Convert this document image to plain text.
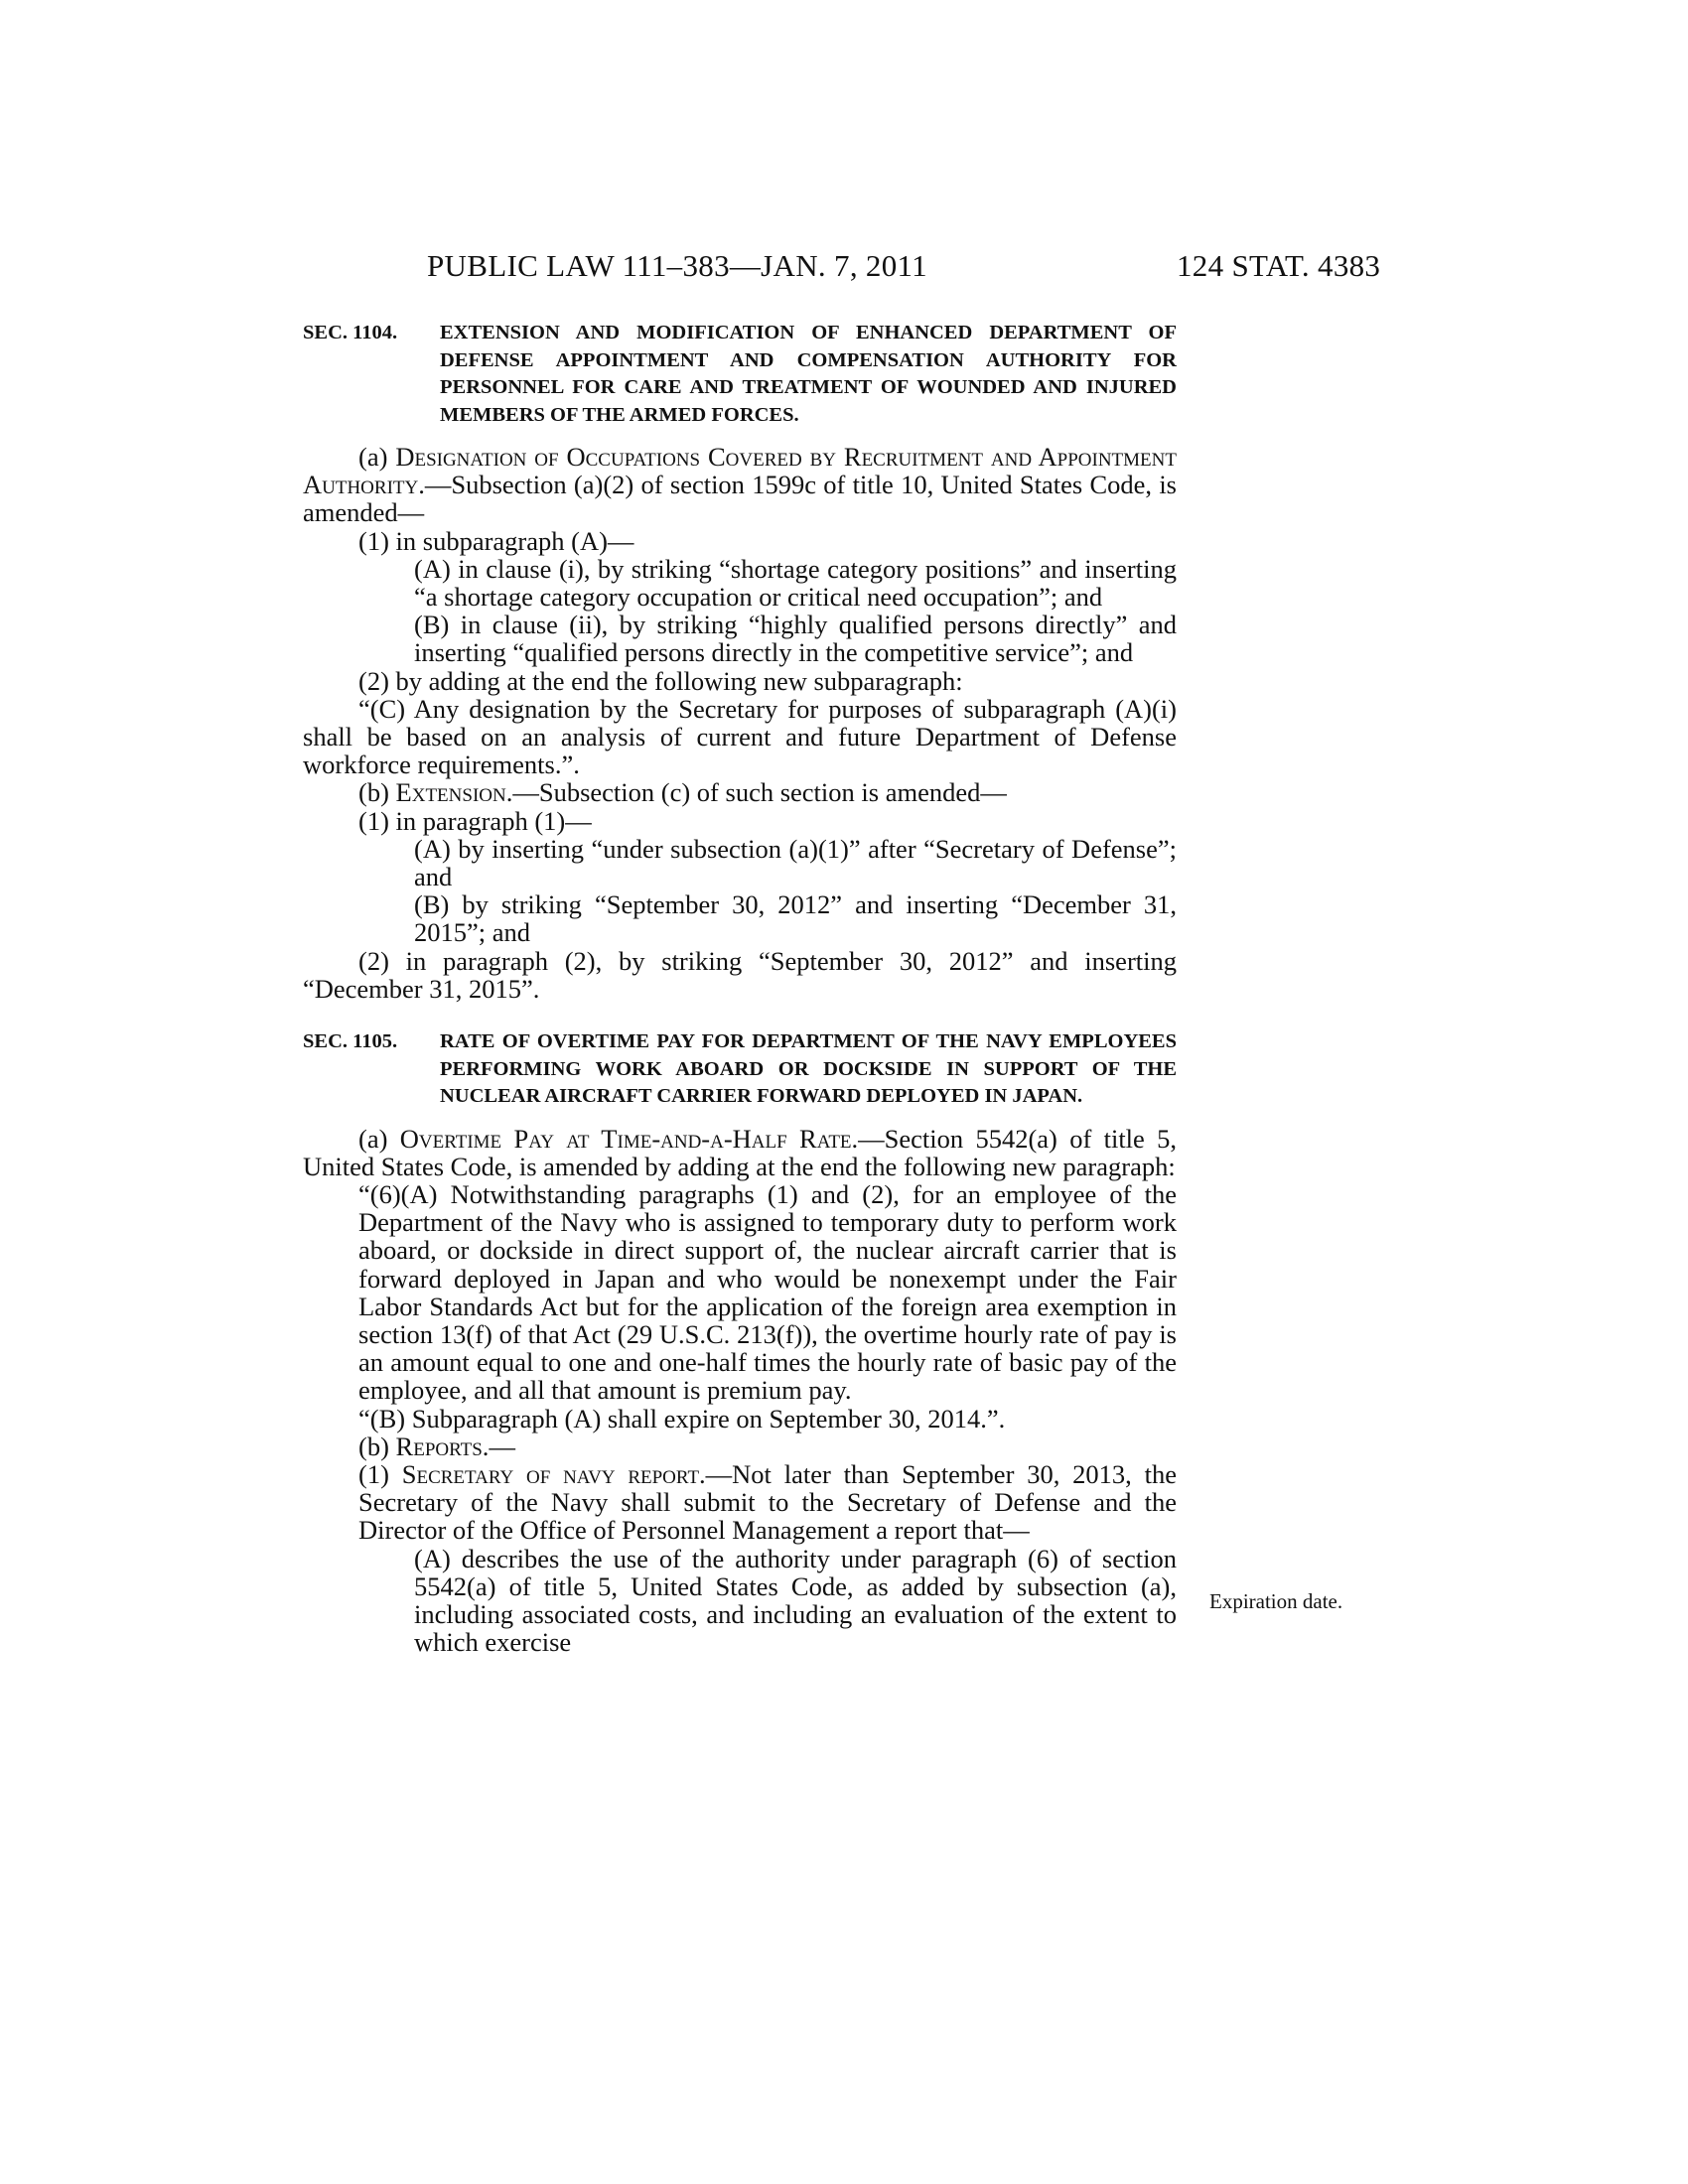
PUBLIC LAW 111–383—JAN. 7, 2011	124 STAT. 4383
SEC. 1104.	EXTENSION AND MODIFICATION OF ENHANCED DEPARTMENT OF DEFENSE APPOINTMENT AND COMPENSATION AUTHORITY FOR PERSONNEL FOR CARE AND TREATMENT OF WOUNDED AND INJURED MEMBERS OF THE ARMED FORCES.

(a) Designation of Occupations Covered by Recruitment and Appointment Authority.—Subsection (a)(2) of section 1599c of title 10, United States Code, is amended—

(1) in subparagraph (A)—

(A) in clause (i), by striking “shortage category positions” and inserting “a shortage category occupation or critical need occupation”; and

(B) in clause (ii), by striking “highly qualified persons directly” and inserting “qualified persons directly in the competitive service”; and

(2) by adding at the end the following new subparagraph:

“(C) Any designation by the Secretary for purposes of subparagraph (A)(i) shall be based on an analysis of current and future Department of Defense workforce requirements.”.

(b) Extension.—Subsection (c) of such section is amended—

(1) in paragraph (1)—

(A) by inserting “under subsection (a)(1)” after “Secretary of Defense”; and

(B) by striking “September 30, 2012” and inserting “December 31, 2015”; and

(2) in paragraph (2), by striking “September 30, 2012” and inserting “December 31, 2015”.

SEC. 1105.	RATE OF OVERTIME PAY FOR DEPARTMENT OF THE NAVY EMPLOYEES PERFORMING WORK ABOARD OR DOCKSIDE IN SUPPORT OF THE NUCLEAR AIRCRAFT CARRIER FORWARD DEPLOYED IN JAPAN.

(a) Overtime Pay at Time-and-a-Half Rate.—Section 5542(a) of title 5, United States Code, is amended by adding at the end the following new paragraph:

“(6)(A) Notwithstanding paragraphs (1) and (2), for an employee of the Department of the Navy who is assigned to temporary duty to perform work aboard, or dockside in direct support of, the nuclear aircraft carrier that is forward deployed in Japan and who would be nonexempt under the Fair Labor Standards Act but for the application of the foreign area exemption in section 13(f) of that Act (29 U.S.C. 213(f)), the overtime hourly rate of pay is an amount equal to one and one-half times the hourly rate of basic pay of the employee, and all that amount is premium pay.

“(B) Subparagraph (A) shall expire on September 30, 2014.”.

(b) Reports.—

(1) Secretary of navy report.—Not later than September 30, 2013, the Secretary of the Navy shall submit to the Secretary of Defense and the Director of the Office of Personnel Management a report that—

(A) describes the use of the authority under paragraph (6) of section 5542(a) of title 5, United States Code, as added by subsection (a), including associated costs, and including an evaluation of the extent to which exercise

Expiration date.
